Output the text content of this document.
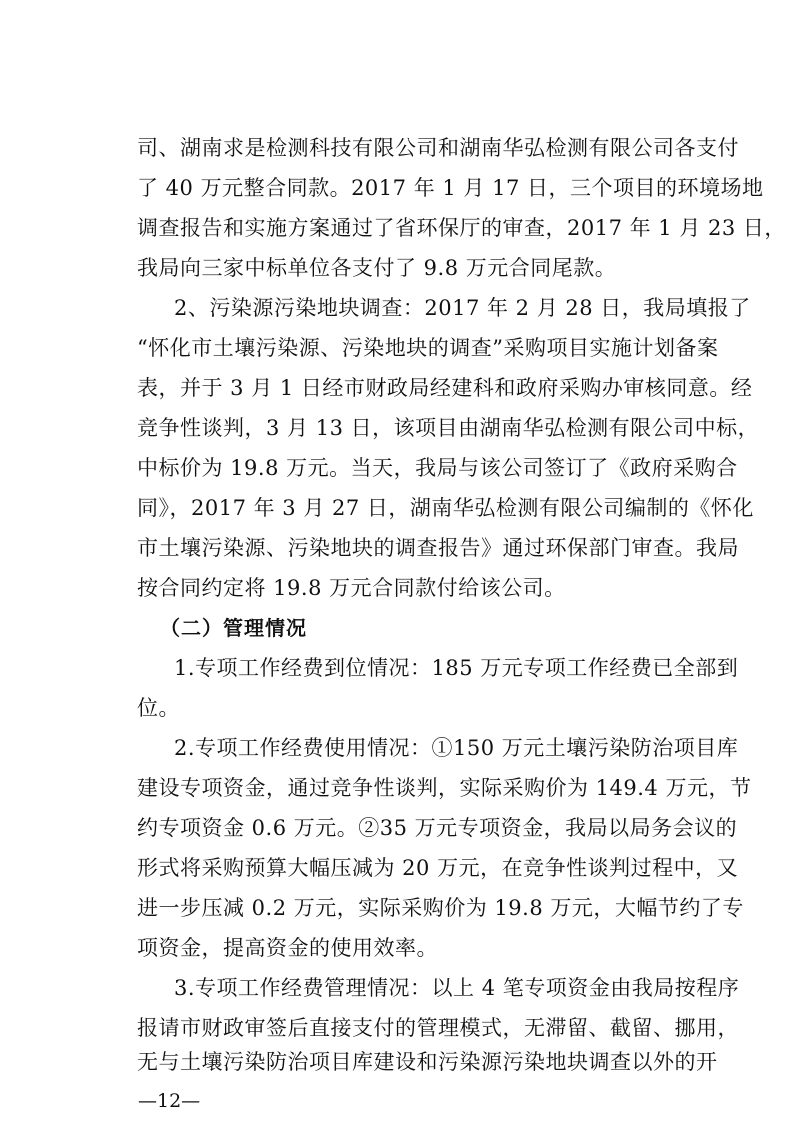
司、湖南求是检测科技有限公司和湖南华弘检测有限公司各支付
了 40 万元整合同款。2017 年 1 月 17 日，三个项目的环境场地
调查报告和实施方案通过了省环保厅的审查，2017 年 1 月 23 日，
我局向三家中标单位各支付了 9.8 万元合同尾款。
2、污染源污染地块调查：2017 年 2 月 28 日，我局填报了
“怀化市土壤污染源、污染地块的调查”采购项目实施计划备案
表，并于 3 月 1 日经市财政局经建科和政府采购办审核同意。经
竞争性谈判，3 月 13 日，该项目由湖南华弘检测有限公司中标，
中标价为 19.8 万元。当天，我局与该公司签订了《政府采购合
同》，2017 年 3 月 27 日，湖南华弘检测有限公司编制的《怀化
市土壤污染源、污染地块的调查报告》通过环保部门审查。我局
按合同约定将 19.8 万元合同款付给该公司。
（二）管理情况
1.专项工作经费到位情况：185 万元专项工作经费已全部到
位。
2.专项工作经费使用情况：①150 万元土壤污染防治项目库
建设专项资金，通过竞争性谈判，实际采购价为 149.4 万元，节
约专项资金 0.6 万元。②35 万元专项资金，我局以局务会议的
形式将采购预算大幅压减为 20 万元，在竞争性谈判过程中，又
进一步压减 0.2 万元，实际采购价为 19.8 万元，大幅节约了专
项资金，提高资金的使用效率。
3.专项工作经费管理情况：以上 4 笔专项资金由我局按程序
报请市财政审签后直接支付的管理模式，无滞留、截留、挪用，
无与土壤污染防治项目库建设和污染源污染地块调查以外的开
—12—
